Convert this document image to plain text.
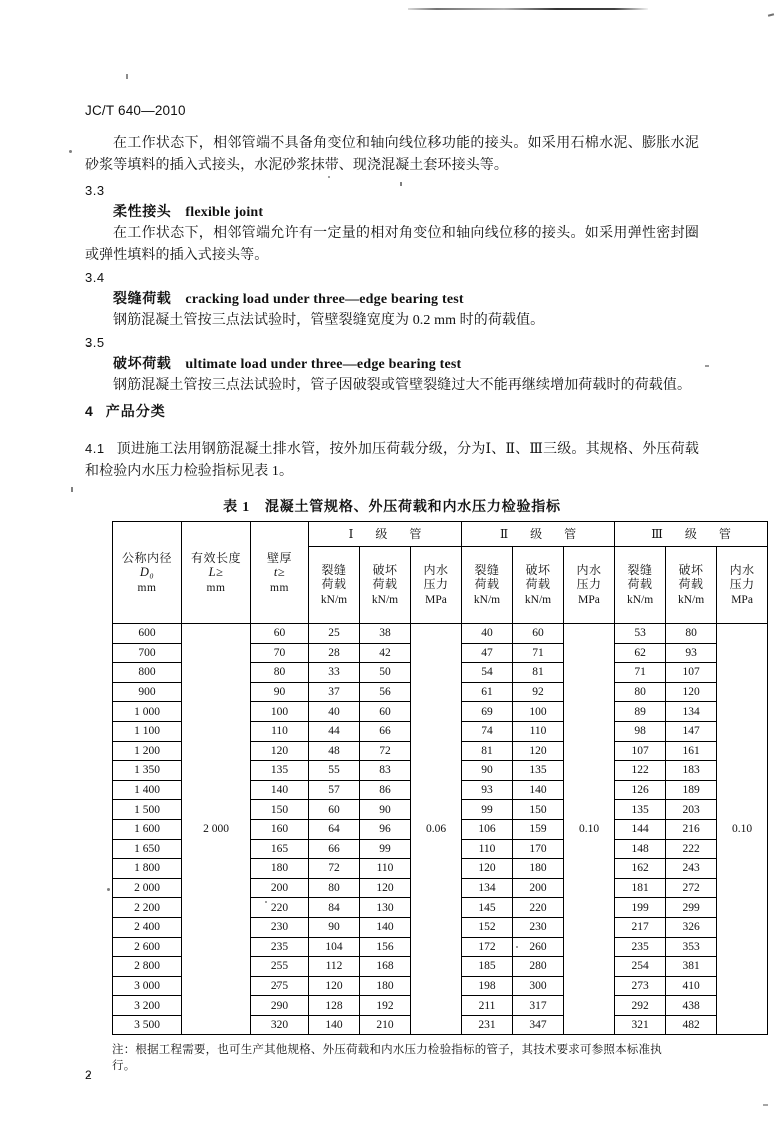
JC/T 640—2010
在工作状态下，相邻管端不具备角变位和轴向线位移功能的接头。如采用石棉水泥、膨胀水泥砂浆等填料的插入式接头，水泥砂浆抹带、现浇混凝土套环接头等。
3.3
柔性接头 flexible joint
在工作状态下，相邻管端允许有一定量的相对角变位和轴向线位移的接头。如采用弹性密封圈或弹性填料的插入式接头等。
3.4
裂缝荷载 cracking load under three—edge bearing test
钢筋混凝土管按三点法试验时，管壁裂缝宽度为 0.2 mm 时的荷载值。
3.5
破坏荷载 ultimate load under three—edge bearing test
钢筋混凝土管按三点法试验时，管子因破裂或管壁裂缝过大不能再继续增加荷载时的荷载值。
4 产品分类
4.1 顶进施工法用钢筋混凝土排水管，按外加压荷载分级，分为Ⅰ、Ⅱ、Ⅲ三级。其规格、外压荷载和检验内水压力检验指标见表 1。
表 1　混凝土管规格、外压荷载和内水压力检验指标
公称内径
D₀
mm	有效长度
L≥
mm	壁厚
t≥
mm	Ⅰ　级　管			Ⅱ　级　管			Ⅲ　级　管		

			裂缝
荷载
kN/m	破坏
荷载
kN/m	内水
压力
MPa	裂缝
荷载
kN/m	破坏
荷载
kN/m	内水
压力
MPa	裂缝
荷载
kN/m	破坏
荷载
kN/m	内水
压力
MPa

600	2 000	60	25	38	0.06	40	60	0.10	53	80	0.10
700		70	28	42		47	71		62	93	
800		80	33	50		54	81		71	107	
900		90	37	56		61	92		80	120	
1 000		100	40	60		69	100		89	134	
1 100		110	44	66		74	110		98	147	
1 200		120	48	72		81	120		107	161	
1 350		135	55	83		90	135		122	183	
1 400		140	57	86		93	140		126	189	
1 500		150	60	90		99	150		135	203	
1 600		160	64	96		106	159		144	216	
1 650		165	66	99		110	170		148	222	
1 800		180	72	110		120	180		162	243	
2 000		200	80	120		134	200		181	272	
2 200		220	84	130		145	220		199	299	
2 400		230	90	140		152	230		217	326	
2 600		235	104	156		172	260		235	353	
2 800		255	112	168		185	280		254	381	
3 000		275	120	180		198	300		273	410	
3 200		290	128	192		211	317		292	438	
3 500		320	140	210		231	347		321	482	
注：根据工程需要，也可生产其他规格、外压荷载和内水压力检验指标的管子，其技术要求可参照本标准执行。
2
